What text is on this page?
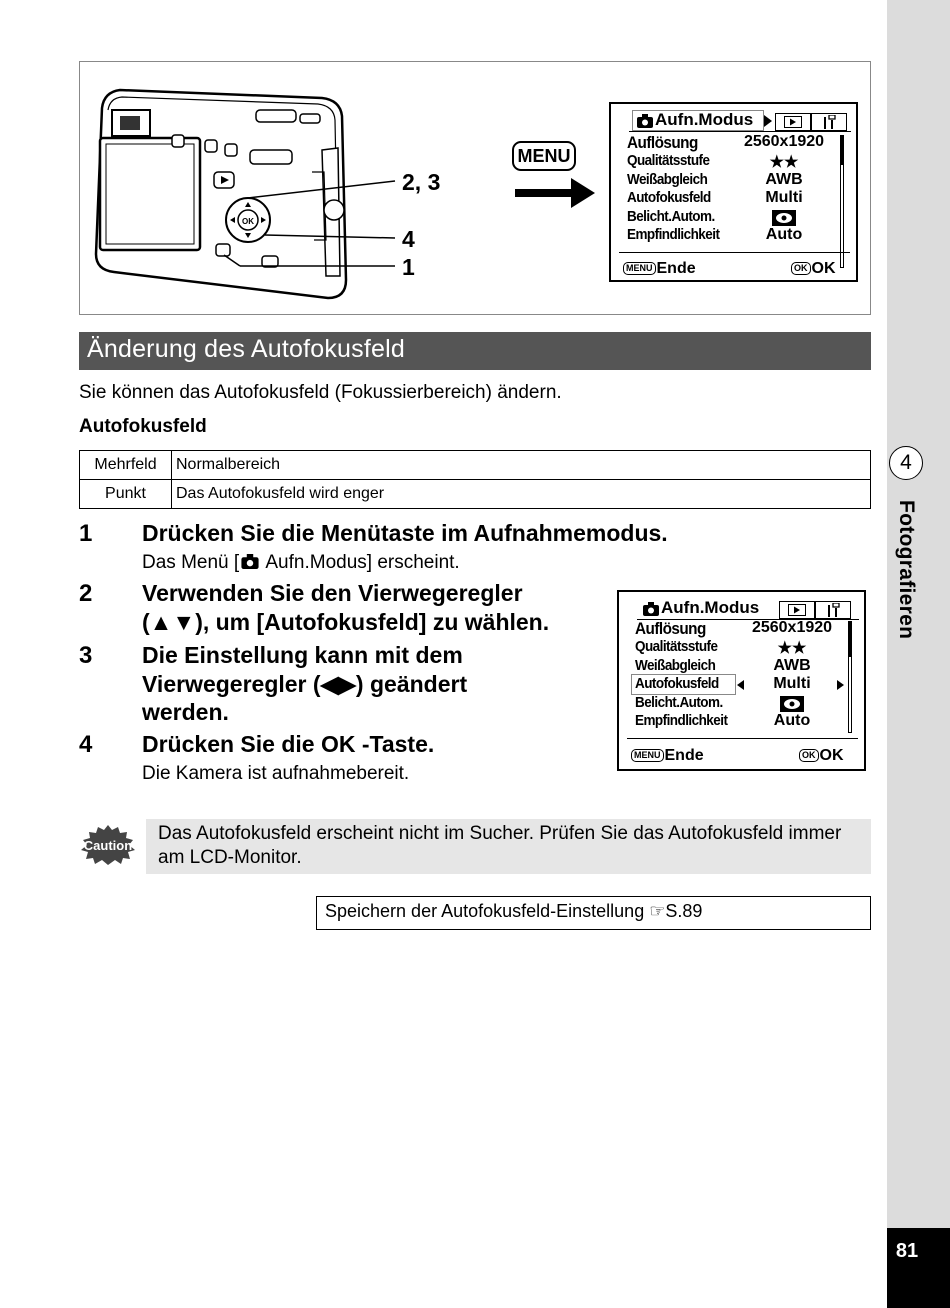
4
Fotografieren
81
OK
2, 3
4
1
MENU
Aufn.Modus
Auflösung	2560x1920
Qualitätsstufe	★★
Weißabgleich	AWB
Autofokusfeld	Multi
Belicht.Autom.
Empfindlichkeit	Auto
MENU Ende	OK OK
Änderung des Autofokusfeld
Sie können das Autofokusfeld (Fokussierbereich) ändern.
Autofokusfeld
Mehrfeld	Normalbereich
Punkt	Das Autofokusfeld wird enger
1 Drücken Sie die Menütaste im Aufnahmemodus.
Das Menü [ Aufn.Modus] erscheint.
2 Verwenden Sie den Vierwegeregler
(▲▼), um [Autofokusfeld] zu wählen.
3 Die Einstellung kann mit dem
Vierwegeregler (◀▶) geändert
werden.
4 Drücken Sie die OK -Taste.
Die Kamera ist aufnahmebereit.
Aufn.Modus
Auflösung	2560x1920
Qualitätsstufe	★★
Weißabgleich	AWB
Autofokusfeld	Multi
Belicht.Autom.
Empfindlichkeit	Auto
MENU Ende	OK OK
Caution
Das Autofokusfeld erscheint nicht im Sucher. Prüfen Sie das Autofokusfeld immer am LCD-Monitor.
Speichern der Autofokusfeld-Einstellung ☞S.89
